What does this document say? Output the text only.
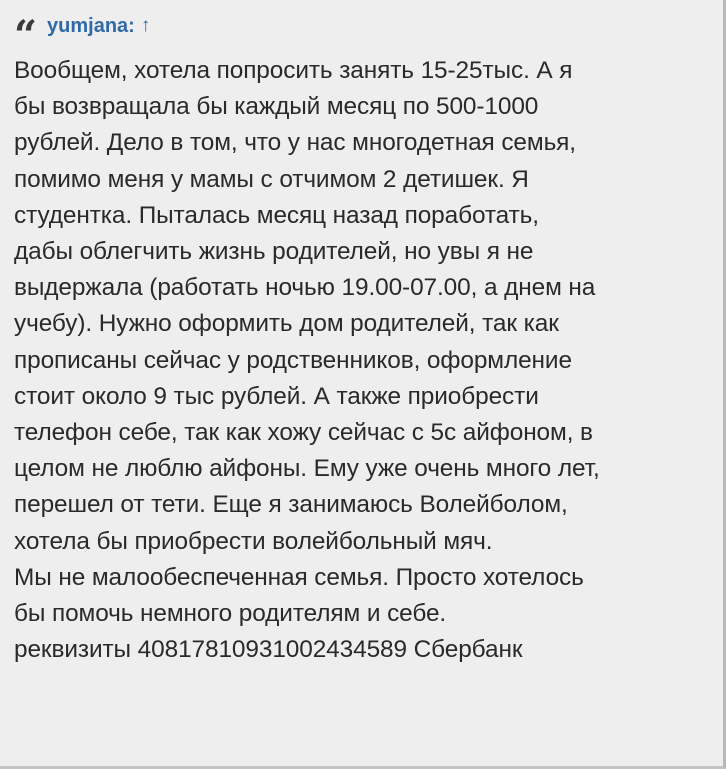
“ yumjana : ↑
Вообщем, хотела попросить занять 15-25тыс. А я
бы возвращала бы каждый месяц по 500-1000
рублей. Дело в том, что у нас многодетная семья,
помимо меня у мамы с отчимом 2 детишек. Я
студентка. Пыталась месяц назад поработать,
дабы облегчить жизнь родителей, но увы я не
выдержала (работать ночью 19.00-07.00, а днем на
учебу). Нужно оформить дом родителей, так как
прописаны сейчас у родственников, оформление
стоит около 9 тыс рублей. А также приобрести
телефон себе, так как хожу сейчас с 5с айфоном, в
целом не люблю айфоны. Ему уже очень много лет,
перешел от тети. Еще я занимаюсь Волейболом,
хотела бы приобрести волейбольный мяч.
Мы не малообеспеченная семья. Просто хотелось
бы помочь немного родителям и себе.
реквизиты 4081781093100243458​9 Сбербанк
